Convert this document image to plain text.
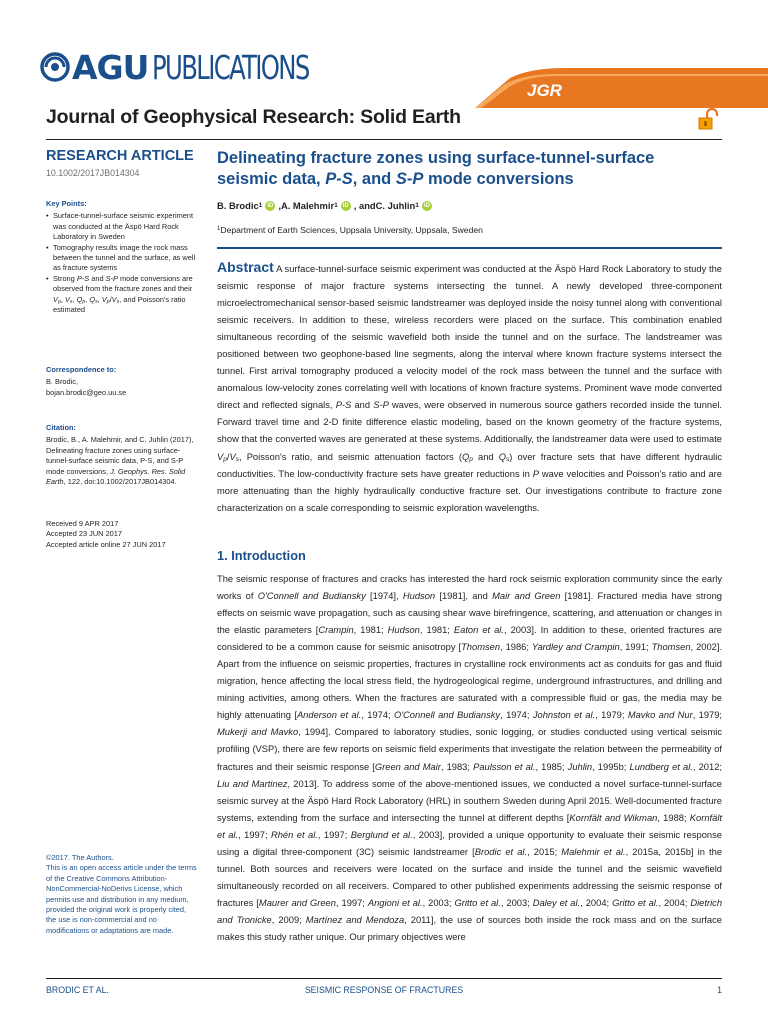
AGU PUBLICATIONS
JGR
Journal of Geophysical Research: Solid Earth
RESEARCH ARTICLE
10.1002/2017JB014304
Key Points:
• Surface-tunnel-surface seismic experiment was conducted at the Äspö Hard Rock Laboratory in Sweden
• Tomography results image the rock mass between the tunnel and the surface, as well as fracture systems
• Strong P-S and S-P mode conversions are observed from the fracture zones and their $V_p$, $V_s$, $Q_p$, $Q_s$, $V_p/V_s$, and Poisson's ratio estimated
Correspondence to:
B. Brodic,
bojan.brodic@geo.uu.se
Citation:
Brodic, B., A. Malehmir, and C. Juhlin (2017), Delineating fracture zones using surface-tunnel-surface seismic data, P-S, and S-P mode conversions, J. Geophys. Res. Solid Earth, 122, doi:10.1002/2017JB014304.
Received 9 APR 2017
Accepted 23 JUN 2017
Accepted article online 27 JUN 2017
©2017. The Authors.
This is an open access article under the terms of the Creative Commons Attribution-NonCommercial-NoDerivs License, which permits use and distribution in any medium, provided the original work is properly cited, the use is non-commercial and no modifications or adaptations are made.
Delineating fracture zones using surface-tunnel-surface seismic data, P-S, and S-P mode conversions
B. Brodic 1 iD , A. Malehmir 1 iD , and C. Juhlin 1 iD
$^1$Department of Earth Sciences, Uppsala University, Uppsala, Sweden
Abstract A surface-tunnel-surface seismic experiment was conducted at the Äspö Hard Rock Laboratory to study the seismic response of major fracture systems intersecting the tunnel. A newly developed three-component microelectromechanical sensor-based seismic landstreamer was deployed inside the noisy tunnel along with conventional seismic receivers. In addition to these, wireless recorders were placed on the surface. This combination enabled simultaneous recording of the seismic wavefield both inside the tunnel and on the surface. The landstreamer was positioned between two geophone-based line segments, along the interval where known fracture systems intersect the tunnel. First arrival tomography produced a velocity model of the rock mass between the tunnel and the surface with anomalous low-velocity zones correlating well with locations of known fracture systems. Prominent wave mode converted direct and reflected signals, P-S and S-P waves, were observed in numerous source gathers recorded inside the tunnel. Forward travel time and 2-D finite difference elastic modeling, based on the known geometry of the fracture systems, show that the converted waves are generated at these systems. Additionally, the landstreamer data were used to estimate $V_p/V_s$, Poisson's ratio, and seismic attenuation factors ($Q_p$ and $Q_s$) over fracture sets that have different hydraulic conductivities. The low-conductivity fracture sets have greater reductions in P wave velocities and Poisson's ratio and are more attenuating than the highly hydraulically conductive fracture set. Our investigations contribute to fracture zone characterization on a scale corresponding to seismic exploration wavelengths.
1. Introduction
The seismic response of fractures and cracks has interested the hard rock seismic exploration community since the early works of O'Connell and Budiansky [1974], Hudson [1981], and Mair and Green [1981]. Fractured media have strong effects on seismic wave propagation, such as causing shear wave birefringence, scattering, and attenuation or changes in the elastic parameters [Crampin, 1981; Hudson, 1981; Eaton et al., 2003]. In addition to these, oriented fractures are considered to be a common cause for seismic anisotropy [Thomsen, 1986; Yardley and Crampin, 1991; Thomsen, 2002]. Apart from the influence on seismic properties, fractures in crystalline rock environments act as conduits for gas and fluid migration, hence affecting the local stress field, the hydrogeological regime, underground infrastructures, and drilling and mining activities, among others. When the fractures are saturated with a compressible fluid or gas, the media may be highly attenuating [Anderson et al., 1974; O'Connell and Budiansky, 1974; Johnston et al., 1979; Mavko and Nur, 1979; Mukerji and Mavko, 1994]. Compared to laboratory studies, sonic logging, or studies conducted using vertical seismic profiling (VSP), there are few reports on seismic field experiments that investigate the relation between the permeability of fractures and their seismic response [Green and Mair, 1983; Paulsson et al., 1985; Juhlin, 1995b; Lundberg et al., 2012; Liu and Martinez, 2013]. To address some of the above-mentioned issues, we conducted a novel surface-tunnel-surface seismic survey at the Äspö Hard Rock Laboratory (HRL) in southern Sweden during April 2015. Well-documented fracture systems, extending from the surface and intersecting the tunnel at different depths [Kornfält and Wikman, 1988; Kornfält et al., 1997; Rhén et al., 1997; Berglund et al., 2003], provided a unique opportunity to evaluate their seismic response using a digital three-component (3C) seismic landstreamer [Brodic et al., 2015; Malehmir et al., 2015a, 2015b] in the tunnel. Both sources and receivers were located on the surface and inside the tunnel and the seismic wavefield simultaneously recorded on all receivers. Compared to other published experiments addressing the seismic response of fractures [Maurer and Green, 1997; Angioni et al., 2003; Gritto et al., 2003; Daley et al., 2004; Gritto et al., 2004; Dietrich and Tronicke, 2009; Martínez and Mendoza, 2011], the use of sources both inside the rock mass and on the surface makes this study rather unique. Our primary objectives were
BRODIC ET AL.	SEISMIC RESPONSE OF FRACTURES	1
